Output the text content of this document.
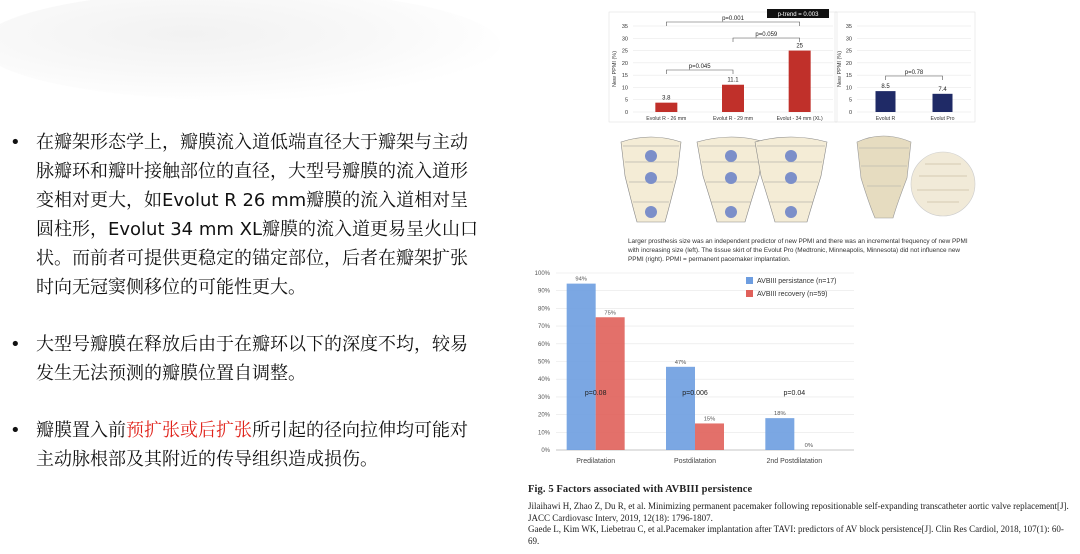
• 在瓣架形态学上，瓣膜流入道低端直径大于瓣架与主动脉瓣环和瓣叶接触部位的直径，大型号瓣膜的流入道形变相对更大，如Evolut R 26 mm瓣膜的流入道相对呈圆柱形，Evolut 34 mm XL瓣膜的流入道更易呈火山口状。而前者可提供更稳定的锚定部位，后者在瓣架扩张时向无冠窦侧移位的可能性更大。
• 大型号瓣膜在释放后由于在瓣环以下的深度不均，较易发生无法预测的瓣膜位置自调整。
• 瓣膜置入前预扩张或后扩张所引起的径向拉伸均可能对主动脉根部及其附近的传导组织造成损伤。
0
5
10
15
20
25
30
35
New PPMI (%)
3.8
Evolut R - 26 mm
11.1
Evolut R - 29 mm
25
Evolut - 34 mm (XL)
p=0.001
p=0.059
p=0.045
p-trend = 0.003
0
5
10
15
20
25
30
35
New PPMI (%)
8.5
Evolut R
7.4
Evolut Pro
p=0.78
Larger prosthesis size was an independent predictor of new PPMI and there was an incremental frequency of new PPMI with increasing size (left). The tissue skirt of the Evolut Pro (Medtronic, Minneapolis, Minnesota) did not influence new PPMI (right). PPMI = permanent pacemaker implantation.
0%
10%
20%
30%
40%
50%
60%
70%
80%
90%
100%
94%
75%
Predilatation
p=0.08
47%
15%
Postdilatation
p=0.006
18%
0%
2nd Postdilatation
p=0.04
AVBIII persistance (n=17)
AVBIII recovery (n=59)
Fig. 5 Factors associated with AVBIII persistence
Jilaihawi H, Zhao Z, Du R, et al. Minimizing permanent pacemaker following repositionable self-expanding transcatheter aortic valve replacement[J]. JACC Cardiovasc Interv, 2019, 12(18): 1796-1807.
Gaede L, Kim WK, Liebetrau C, et al.Pacemaker implantation after TAVI: predictors of AV block persistence[J]. Clin Res Cardiol, 2018, 107(1): 60-69.
